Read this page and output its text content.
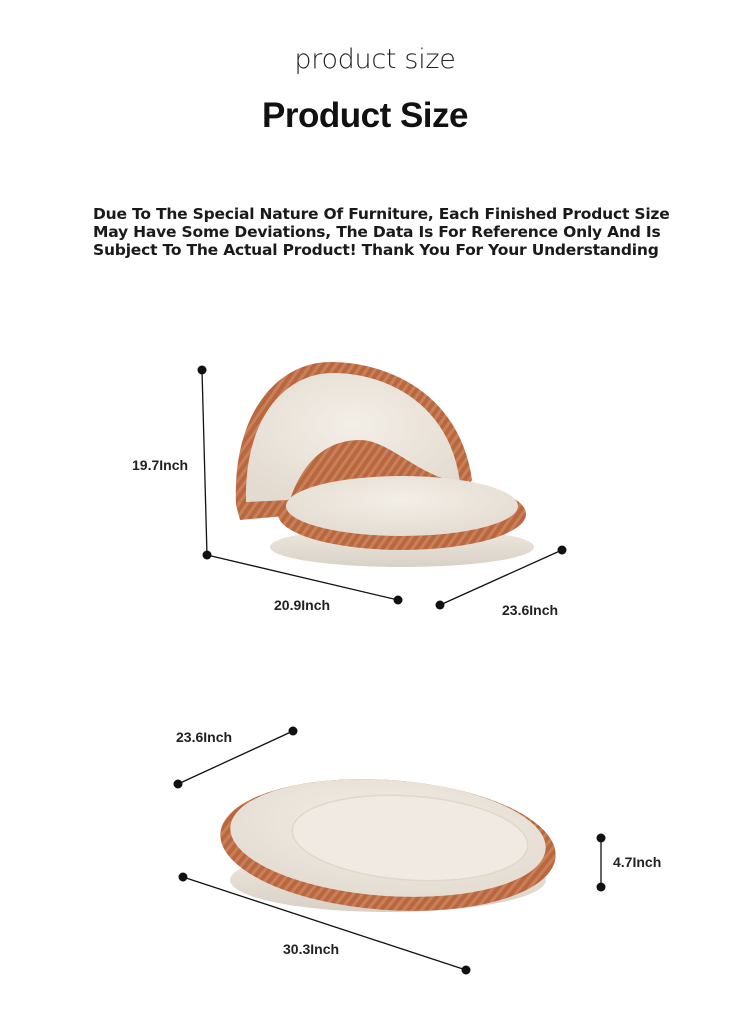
product size
Product Size
Due To The Special Nature Of Furniture, Each Finished Product Size May Have Some Deviations, The Data Is For Reference Only And Is Subject To The Actual Product! Thank You For Your Understanding
19.7Inch
20.9Inch	23.6Inch
23.6Inch
30.3Inch
4.7Inch
